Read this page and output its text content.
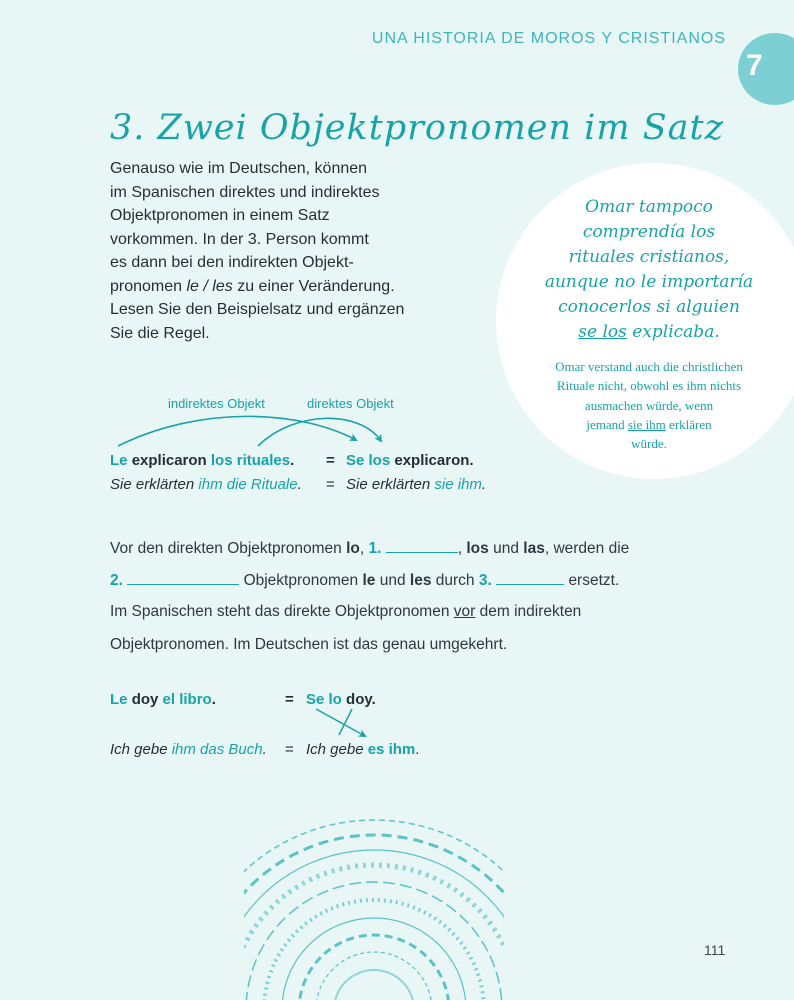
UNA HISTORIA DE MOROS Y CRISTIANOS
7
3. Zwei Objektpronomen im Satz
Genauso wie im Deutschen, können
im Spanischen direktes und indirektes
Objektpronomen in einem Satz
vorkommen. In der 3. Person kommt
es dann bei den indirekten Objekt-
pronomen le / les zu einer Veränderung.
Lesen Sie den Beispielsatz und ergänzen
Sie die Regel.
Omar tampoco
comprendía los
rituales cristianos,
aunque no le importaría
conocerlos si alguien
se los explicaba.
Omar verstand auch die christlichen
Rituale nicht, obwohl es ihm nichts
ausmachen würde, wenn
jemand sie ihm erklären
würde.
indirektes Objekt	direktes Objekt
Le explicaron los rituales. = Se los explicaron.
Sie erklärten ihm die Rituale. = Sie erklärten sie ihm.
Vor den direkten Objektpronomen lo, 1.	, los und las, werden die
2.	Objektpronomen le und les durch 3.	ersetzt.
Im Spanischen steht das direkte Objektpronomen vor dem indirekten
Objektpronomen. Im Deutschen ist das genau umgekehrt.
Le doy el libro.	= Se lo doy.
Ich gebe ihm das Buch. = Ich gebe es ihm.
111
